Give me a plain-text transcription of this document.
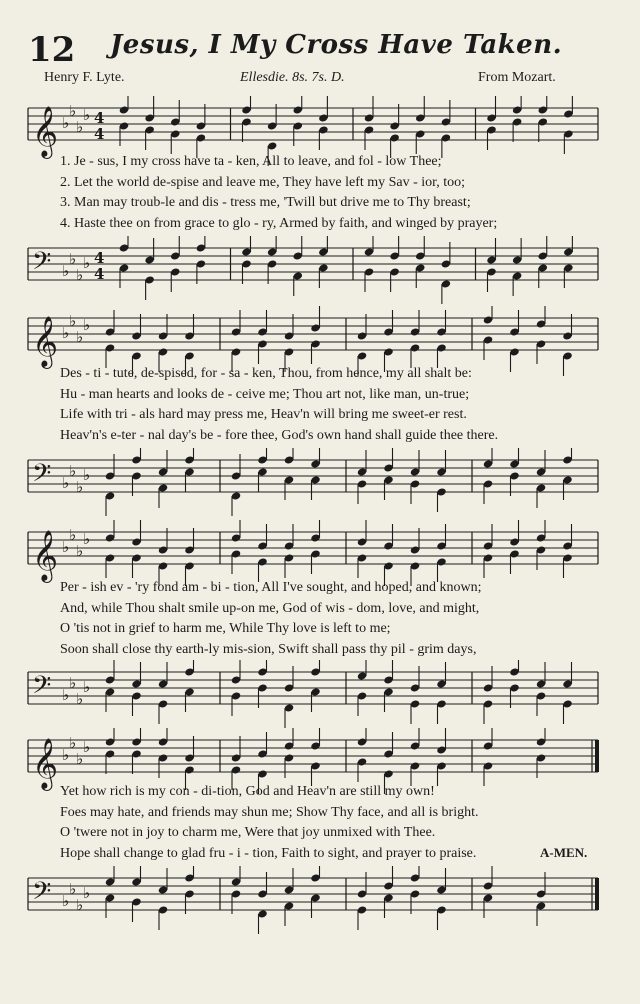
12 Jesus, I My Cross Have Taken.
Henry F. Lyte.	Ellesdie. 8s. 7s. D.	From Mozart.
𝄞 ♭
♭
♭
♭ 4
4
1. Je - sus, I my cross have ta - ken, All to leave, and fol - low Thee;
2. Let the world de-spise and leave me, They have left my Sav - ior, too;
3. Man may troub-le and dis - tress me, 'Twill but drive me to Thy breast;
4. Haste thee on from grace to glo - ry, Armed by faith, and winged by prayer;
𝄢 ♭
♭
♭
♭ 4
4
𝄞 ♭
♭
♭
♭
Des - ti - tute, de-spised, for - sa - ken, Thou, from hence, my all shalt be:
Hu - man hearts and looks de - ceive me; Thou art not, like man, un-true;
Life with tri - als hard may press me, Heav'n will bring me sweet-er rest.
Heav'n's e-ter - nal day's be - fore thee, God's own hand shall guide thee there.
𝄢 ♭
♭
♭
♭
𝄞 ♭
♭
♭
♭
Per - ish ev - 'ry fond am - bi - tion, All I've sought, and hoped, and known;
And, while Thou shalt smile up-on me, God of wis - dom, love, and might,
O 'tis not in grief to harm me, While Thy love is left to me;
Soon shall close thy earth-ly mis-sion, Swift shall pass thy pil - grim days,
𝄢 ♭
♭
♭
♭
𝄞 ♭
♭
♭
♭
Yet how rich is my con - di-tion, God and Heav'n are still my own!
Foes may hate, and friends may shun me; Show Thy face, and all is bright.
O 'twere not in joy to charm me, Were that joy unmixed with Thee.
Hope shall change to glad fru - i - tion, Faith to sight, and prayer to praise.	A-MEN.
𝄢 ♭
♭
♭
♭
